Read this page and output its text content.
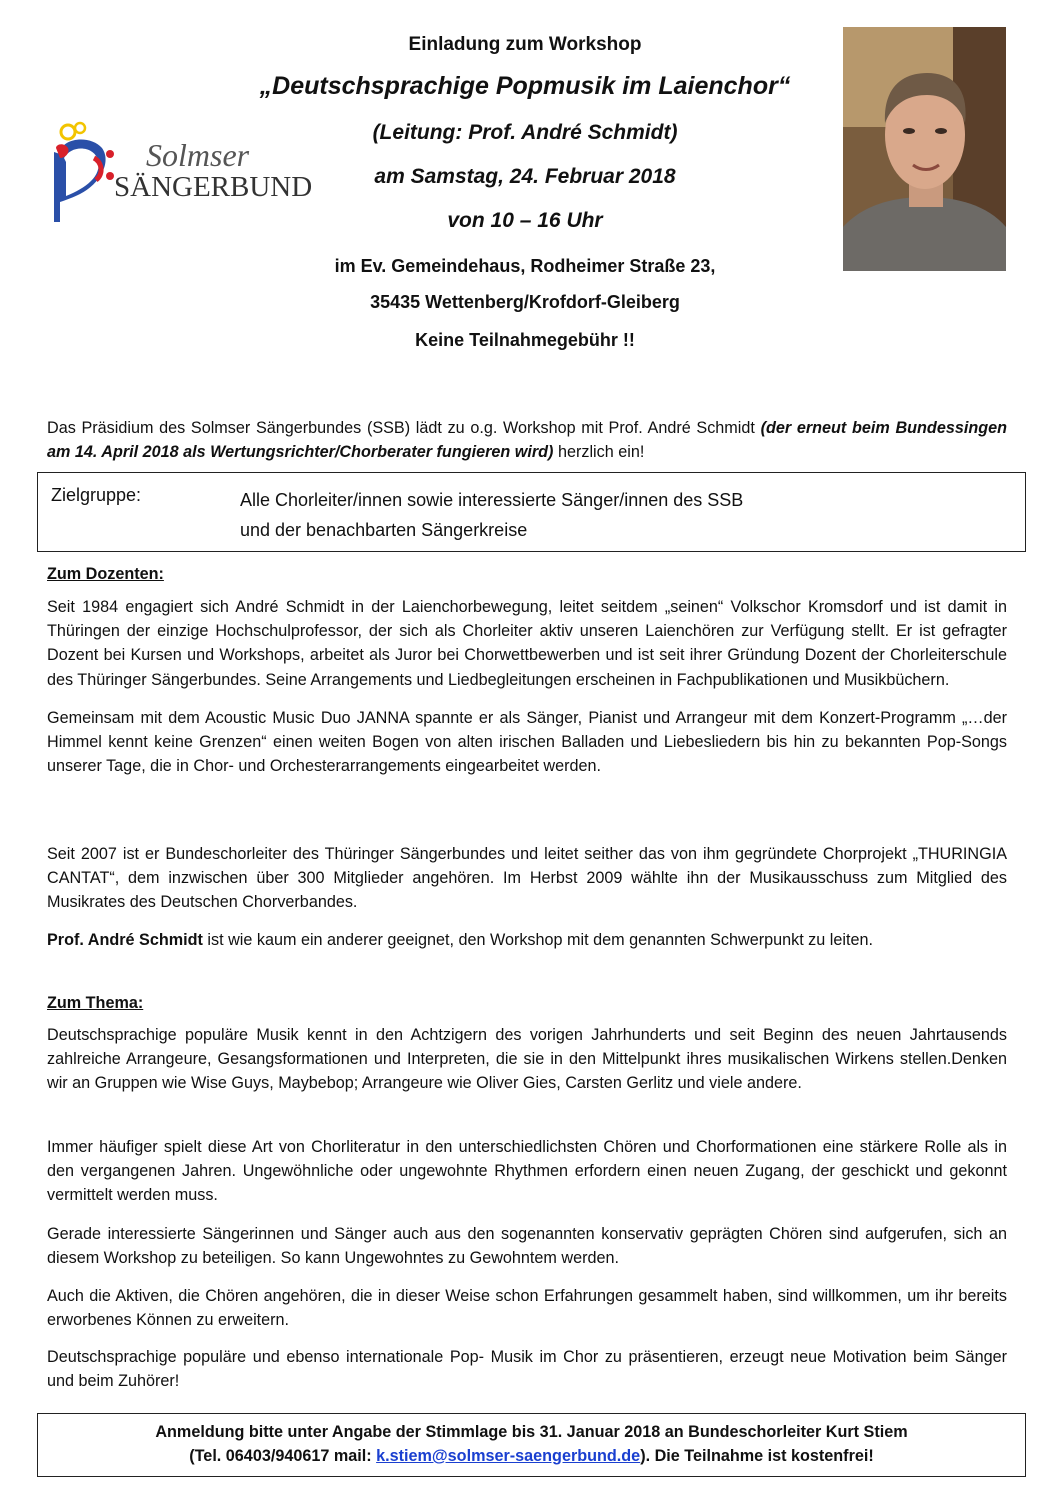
Einladung zum Workshop
„Deutschsprachige Popmusik im Laienchor“
(Leitung: Prof. André Schmidt)
am Samstag, 24. Februar 2018
von 10 – 16 Uhr
im Ev. Gemeindehaus, Rodheimer Straße 23,
35435 Wettenberg/Krofdorf-Gleiberg
Keine Teilnahmegebühr !!
Solmser
SÄNGERBUND
Das Präsidium des Solmser Sängerbundes (SSB) lädt zu o.g. Workshop mit Prof. André Schmidt (der erneut beim Bundessingen am 14. April 2018 als Wertungsrichter/Chorberater fungieren wird) herzlich ein!
Zielgruppe:	Alle Chorleiter/innen sowie interessierte Sänger/innen des SSB
und der benachbarten Sängerkreise
Zum Dozenten:
Seit 1984 engagiert sich André Schmidt in der Laienchorbewegung, leitet seitdem „seinen“ Volkschor Kromsdorf und ist damit in Thüringen der einzige Hochschulprofessor, der sich als Chorleiter aktiv unseren Laienchören zur Verfügung stellt. Er ist gefragter Dozent bei Kursen und Workshops, arbeitet als Juror bei Chorwettbewerben und ist seit ihrer Gründung Dozent der Chorleiterschule des Thüringer Sängerbundes. Seine Arrangements und Liedbegleitungen erscheinen in Fachpublikationen und Musikbüchern.
Gemeinsam mit dem Acoustic Music Duo JANNA spannte er als Sänger, Pianist und Arrangeur mit dem Konzert-Programm „…der Himmel kennt keine Grenzen“ einen weiten Bogen von alten irischen Balladen und Liebesliedern bis hin zu bekannten Pop-Songs unserer Tage, die in Chor- und Orchesterarrangements eingearbeitet werden.
Seit 2007 ist er Bundeschorleiter des Thüringer Sängerbundes und leitet seither das von ihm gegründete Chorprojekt „THURINGIA CANTAT“, dem inzwischen über 300 Mitglieder angehören. Im Herbst 2009 wählte ihn der Musikausschuss zum Mitglied des Musikrates des Deutschen Chorverbandes.
Prof. André Schmidt ist wie kaum ein anderer geeignet, den Workshop mit dem genannten Schwerpunkt zu leiten.
Zum Thema:
Deutschsprachige populäre Musik kennt in den Achtzigern des vorigen Jahrhunderts und seit Beginn des neuen Jahrtausends zahlreiche Arrangeure, Gesangsformationen und Interpreten, die sie in den Mittelpunkt ihres musikalischen Wirkens stellen.Denken wir an Gruppen wie Wise Guys, Maybebop; Arrangeure wie Oliver Gies, Carsten Gerlitz und viele andere.
Immer häufiger spielt diese Art von Chorliteratur in den unterschiedlichsten Chören und Chorformationen eine stärkere Rolle als in den vergangenen Jahren. Ungewöhnliche oder ungewohnte Rhythmen erfordern einen neuen Zugang, der geschickt und gekonnt vermittelt werden muss.
Gerade interessierte Sängerinnen und Sänger auch aus den sogenannten konservativ geprägten Chören sind aufgerufen, sich an diesem Workshop zu beteiligen. So kann Ungewohntes zu Gewohntem werden.
Auch die Aktiven, die Chören angehören, die in dieser Weise schon Erfahrungen gesammelt haben, sind willkommen, um ihr bereits erworbenes Können zu erweitern.
Deutschsprachige populäre und ebenso internationale Pop- Musik im Chor zu präsentieren, erzeugt neue Motivation beim Sänger und beim Zuhörer!
Anmeldung bitte unter Angabe der Stimmlage bis 31. Januar 2018 an Bundeschorleiter Kurt Stiem
(Tel. 06403/940617 mail: k.stiem@solmser-saengerbund.de). Die Teilnahme ist kostenfrei!
